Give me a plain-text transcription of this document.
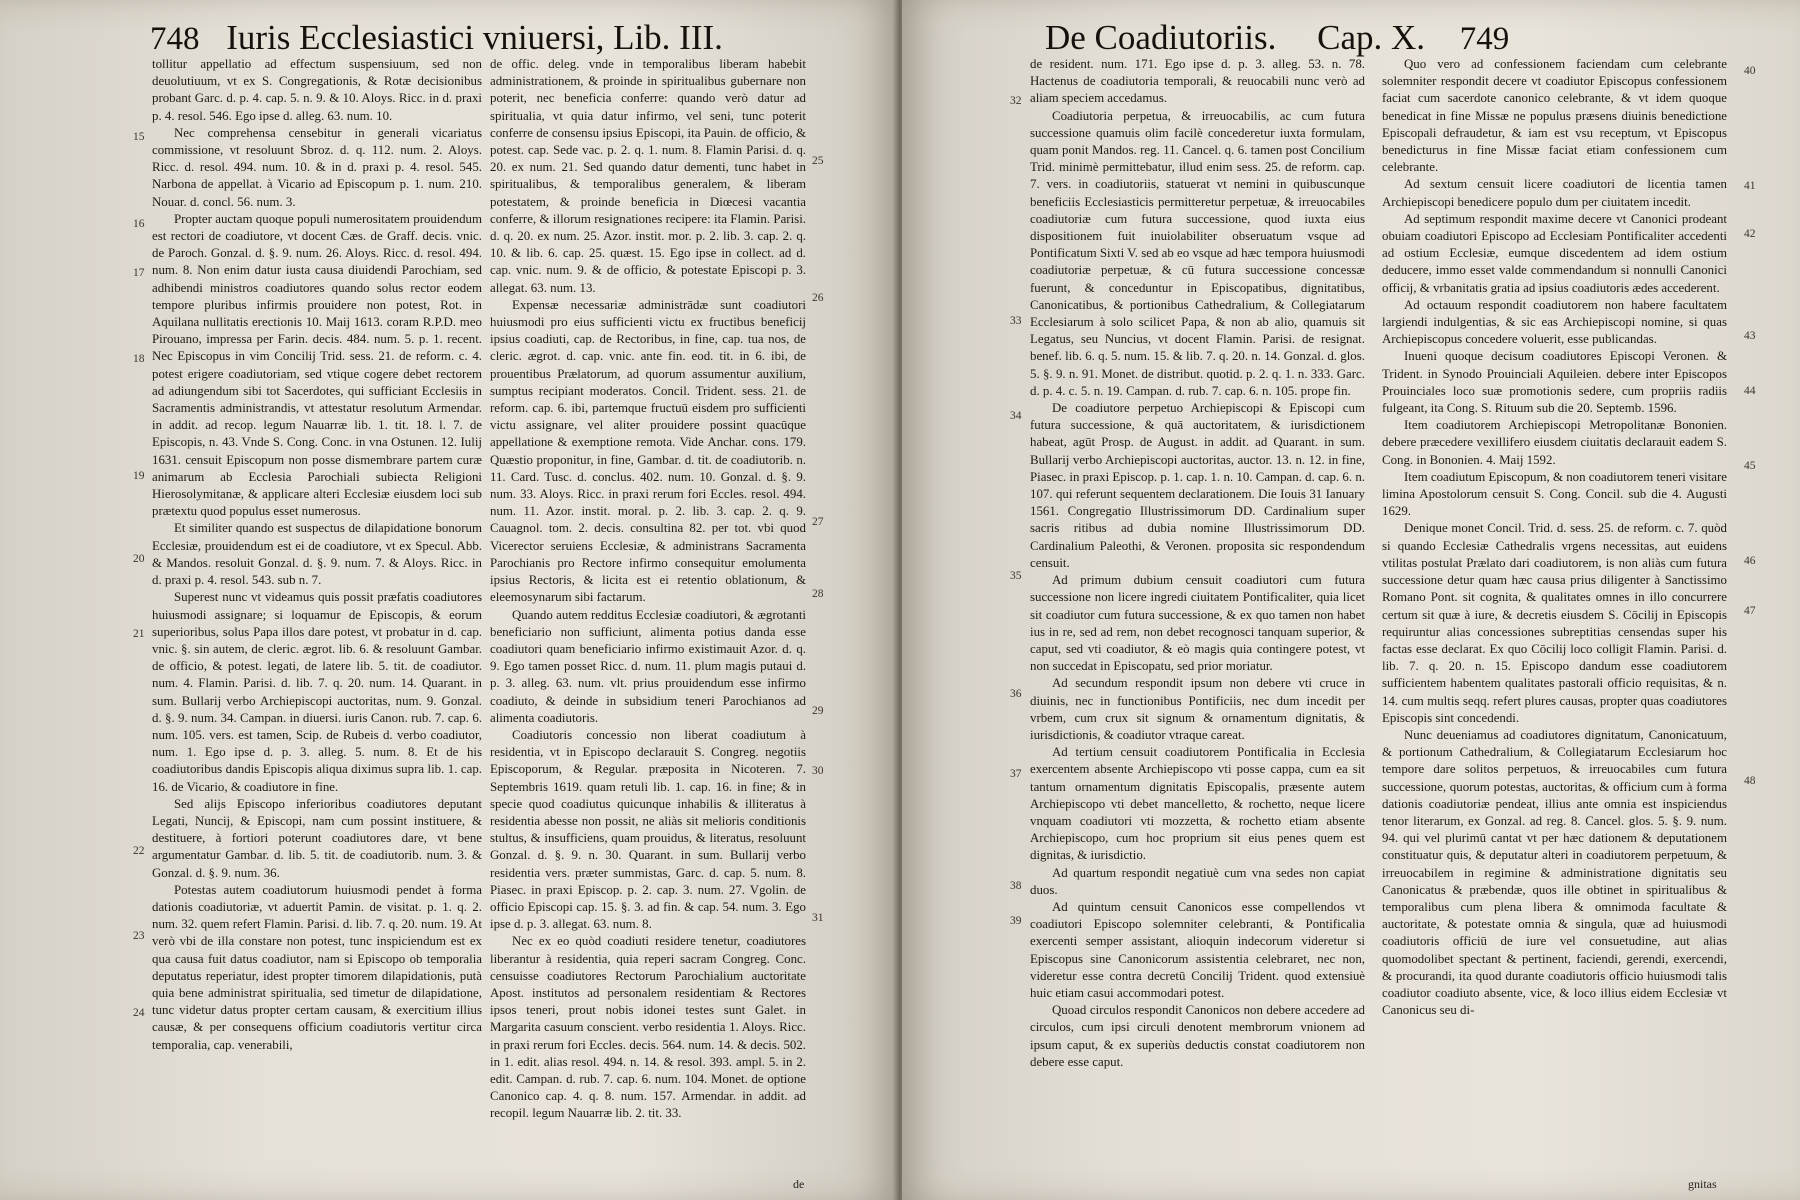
748 Iuris Ecclesiastici vniuersi, Lib. III.

tollitur appellatio ad effectum suspensiuum, sed non deuolutiuum, vt ex S. Congregationis, & Rotæ decisionibus probant Garc. d. p. 4. cap. 5. n. 9. & 10. Aloys. Ricc. in d. praxi p. 4. resol. 546. Ego ipse d. alleg. 63. num. 10.

Nec comprehensa censebitur in generali vicariatus commissione, vt resoluunt Sbroz. d. q. 112. num. 2. Aloys. Ricc. d. resol. 494. num. 10. & in d. praxi p. 4. resol. 545. Narbona de appellat. à Vicario ad Episcopum p. 1. num. 210. Nouar. d. concl. 56. num. 3.

Propter auctam quoque populi numerositatem prouidendum est rectori de coadiutore, vt docent Cæs. de Graff. decis. vnic. de Paroch. Gonzal. d. §. 9. num. 26. Aloys. Ricc. d. resol. 494. num. 8. Non enim datur iusta causa diuidendi Parochiam, sed adhibendi ministros coadiutores quando solus rector eodem tempore pluribus infirmis prouidere non potest, Rot. in Aquilana nullitatis erectionis 10. Maij 1613. coram R.P.D. meo Pirouano, impressa per Farin. decis. 484. num. 5. p. 1. recent. Nec Episcopus in vim Concilij Trid. sess. 21. de reform. c. 4. potest erigere coadiutoriam, sed vtique cogere debet rectorem ad adiungendum sibi tot Sacerdotes, qui sufficiant Ecclesiis in Sacramentis administrandis, vt attestatur resolutum Armendar. in addit. ad recop. legum Nauarræ lib. 1. tit. 18. l. 7. de Episcopis, n. 43. Vnde S. Cong. Conc. in vna Ostunen. 12. Iulij 1631. censuit Episcopum non posse dismembrare partem curæ animarum ab Ecclesia Parochiali subiecta Religioni Hierosolymitanæ, & applicare alteri Ecclesiæ eiusdem loci sub prætextu quod populus esset numerosus.

Et similiter quando est suspectus de dilapidatione bonorum Ecclesiæ, prouidendum est ei de coadiutore, vt ex Specul. Abb. & Mandos. resoluit Gonzal. d. §. 9. num. 7. & Aloys. Ricc. in d. praxi p. 4. resol. 543. sub n. 7.

Superest nunc vt videamus quis possit præfatis coadiutores huiusmodi assignare; si loquamur de Episcopis, & eorum superioribus, solus Papa illos dare potest, vt probatur in d. cap. vnic. §. sin autem, de cleric. ægrot. lib. 6. & resoluunt Gambar. de officio, & potest. legati, de latere lib. 5. tit. de coadiutor. num. 4. Flamin. Parisi. d. lib. 7. q. 20. num. 14. Quarant. in sum. Bullarij verbo Archiepiscopi auctoritas, num. 9. Gonzal. d. §. 9. num. 34. Campan. in diuersi. iuris Canon. rub. 7. cap. 6. num. 105. vers. est tamen, Scip. de Rubeis d. verbo coadiutor, num. 1. Ego ipse d. p. 3. alleg. 5. num. 8. Et de his coadiutoribus dandis Episcopis aliqua diximus supra lib. 1. cap. 16. de Vicario, & coadiutore in fine.

Sed alijs Episcopo inferioribus coadiutores deputant Legati, Nuncij, & Episcopi, nam cum possint instituere, & destituere, à fortiori poterunt coadiutores dare, vt bene argumentatur Gambar. d. lib. 5. tit. de coadiutorib. num. 3. & Gonzal. d. §. 9. num. 36.

Potestas autem coadiutorum huiusmodi pendet à forma dationis coadiutoriæ, vt aduertit Pamin. de visitat. p. 1. q. 2. num. 32. quem refert Flamin. Parisi. d. lib. 7. q. 20. num. 19. At verò vbi de illa constare non potest, tunc inspiciendum est ex qua causa fuit datus coadiutor, nam si Episcopo ob temporalia deputatus reperiatur, idest propter timorem dilapidationis, putà quia bene administrat spiritualia, sed timetur de dilapidatione, tunc videtur datus propter certam causam, & exercitium illius causæ, & per consequens officium coadiutoris vertitur circa temporalia, cap. venerabili,

de offic. deleg. vnde in temporalibus liberam habebit administrationem, & proinde in spiritualibus gubernare non poterit, nec beneficia conferre: quando verò datur ad spiritualia, vt quia datur infirmo, vel seni, tunc poterit conferre de consensu ipsius Episcopi, ita Pauin. de officio, & potest. cap. Sede vac. p. 2. q. 1. num. 8. Flamin Parisi. d. q. 20. ex num. 21. Sed quando datur dementi, tunc habet in spiritualibus, & temporalibus generalem, & liberam potestatem, & proinde beneficia in Diœcesi vacantia conferre, & illorum resignationes recipere: ita Flamin. Parisi. d. q. 20. ex num. 25. Azor. instit. mor. p. 2. lib. 3. cap. 2. q. 10. & lib. 6. cap. 25. quæst. 15. Ego ipse in collect. ad d. cap. vnic. num. 9. & de officio, & potestate Episcopi p. 3. allegat. 63. num. 13.

Expensæ necessariæ administrādæ sunt coadiutori huiusmodi pro eius sufficienti victu ex fructibus beneficij ipsius coadiuti, cap. de Rectoribus, in fine, cap. tua nos, de cleric. ægrot. d. cap. vnic. ante fin. eod. tit. in 6. ibi, de prouentibus Prælatorum, ad quorum assumentur auxilium, sumptus recipiant moderatos. Concil. Trident. sess. 21. de reform. cap. 6. ibi, partemque fructuū eisdem pro sufficienti victu assignare, vel aliter prouidere possint quacūque appellatione & exemptione remota. Vide Anchar. cons. 179. Quæstio proponitur, in fine, Gambar. d. tit. de coadiutorib. n. 11. Card. Tusc. d. conclus. 402. num. 10. Gonzal. d. §. 9. num. 33. Aloys. Ricc. in praxi rerum fori Eccles. resol. 494. num. 11. Azor. instit. moral. p. 2. lib. 3. cap. 2. q. 9. Cauagnol. tom. 2. decis. consultina 82. per tot. vbi quod Vicerector seruiens Ecclesiæ, & administrans Sacramenta Parochianis pro Rectore infirmo consequitur emolumenta ipsius Rectoris, & licita est ei retentio oblationum, & eleemosynarum sibi factarum.

Quando autem redditus Ecclesiæ coadiutori, & ægrotanti beneficiario non sufficiunt, alimenta potius danda esse coadiutori quam beneficiario infirmo existimauit Azor. d. q. 9. Ego tamen posset Ricc. d. num. 11. plum magis putaui d. p. 3. alleg. 63. num. vlt. prius prouidendum esse infirmo coadiuto, & deinde in subsidium teneri Parochianos ad alimenta coadiutoris.

Coadiutoris concessio non liberat coadiutum à residentia, vt in Episcopo declarauit S. Congreg. negotiis Episcoporum, & Regular. præposita in Nicoteren. 7. Septembris 1619. quam retuli lib. 1. cap. 16. in fine; & in specie quod coadiutus quicunque inhabilis & illiteratus à residentia abesse non possit, ne aliàs sit melioris conditionis stultus, & insufficiens, quam prouidus, & literatus, resoluunt Gonzal. d. §. 9. n. 30. Quarant. in sum. Bullarij verbo residentia vers. præter summistas, Garc. d. cap. 5. num. 8. Piasec. in praxi Episcop. p. 2. cap. 3. num. 27. Vgolin. de officio Episcopi cap. 15. §. 3. ad fin. & cap. 54. num. 3. Ego ipse d. p. 3. allegat. 63. num. 8.

Nec ex eo quòd coadiuti residere tenetur, coadiutores liberantur à residentia, quia reperi sacram Congreg. Conc. censuisse coadiutores Rectorum Parochialium auctoritate Apost. institutos ad personalem residentiam & Rectores ipsos teneri, prout nobis idonei testes sunt Galet. in Margarita casuum conscient. verbo residentia 1. Aloys. Ricc. in praxi rerum fori Eccles. decis. 564. num. 14. & decis. 502. in 1. edit. alias resol. 494. n. 14. & resol. 393. ampl. 5. in 2. edit. Campan. d. rub. 7. cap. 6. num. 104. Monet. de optione Canonico cap. 4. q. 8. num. 157. Armendar. in addit. ad recopil. legum Nauarræ lib. 2. tit. 33.

de
15
16
17
18
19
20
21
22
23
24
25
26
27
28
29
30
31
De Coadiutoriis. Cap. X. 749

de resident. num. 171. Ego ipse d. p. 3. alleg. 53. n. 78. Hactenus de coadiutoria temporali, & reuocabili nunc verò ad aliam speciem accedamus.

Coadiutoria perpetua, & irreuocabilis, ac cum futura successione quamuis olim facilè concederetur iuxta formulam, quam ponit Mandos. reg. 11. Cancel. q. 6. tamen post Concilium Trid. minimè permittebatur, illud enim sess. 25. de reform. cap. 7. vers. in coadiutoriis, statuerat vt nemini in quibuscunque beneficiis Ecclesiasticis permitteretur perpetuæ, & irreuocabiles coadiutoriæ cum futura successione, quod iuxta eius dispositionem fuit inuiolabiliter obseruatum vsque ad Pontificatum Sixti V. sed ab eo vsque ad hæc tempora huiusmodi coadiutoriæ perpetuæ, & cū futura successione concessæ fuerunt, & conceduntur in Episcopatibus, dignitatibus, Canonicatibus, & portionibus Cathedralium, & Collegiatarum Ecclesiarum à solo scilicet Papa, & non ab alio, quamuis sit Legatus, seu Nuncius, vt docent Flamin. Parisi. de resignat. benef. lib. 6. q. 5. num. 15. & lib. 7. q. 20. n. 14. Gonzal. d. glos. 5. §. 9. n. 91. Monet. de distribut. quotid. p. 2. q. 1. n. 333. Garc. d. p. 4. c. 5. n. 19. Campan. d. rub. 7. cap. 6. n. 105. prope fin.

De coadiutore perpetuo Archiepiscopi & Episcopi cum futura successione, & quā auctoritatem, & iurisdictionem habeat, agūt Prosp. de August. in addit. ad Quarant. in sum. Bullarij verbo Archiepiscopi auctoritas, auctor. 13. n. 12. in fine, Piasec. in praxi Episcop. p. 1. cap. 1. n. 10. Campan. d. cap. 6. n. 107. qui referunt sequentem declarationem. Die Iouis 31 Ianuary 1561. Congregatio Illustrissimorum DD. Cardinalium super sacris ritibus ad dubia nomine Illustrissimorum DD. Cardinalium Paleothi, & Veronen. proposita sic respondendum censuit.

Ad primum dubium censuit coadiutori cum futura successione non licere ingredi ciuitatem Pontificaliter, quia licet sit coadiutor cum futura successione, & ex quo tamen non habet ius in re, sed ad rem, non debet recognosci tanquam superior, & caput, sed vti coadiutor, & eò magis quia contingere potest, vt non succedat in Episcopatu, sed prior moriatur.

Ad secundum respondit ipsum non debere vti cruce in diuinis, nec in functionibus Pontificiis, nec dum incedit per vrbem, cum crux sit signum & ornamentum dignitatis, & iurisdictionis, & coadiutor vtraque careat.

Ad tertium censuit coadiutorem Pontificalia in Ecclesia exercentem absente Archiepiscopo vti posse cappa, cum ea sit tantum ornamentum dignitatis Episcopalis, præsente autem Archiepiscopo vti debet mancelletto, & rochetto, neque licere vnquam coadiutori vti mozzetta, & rochetto etiam absente Archiepiscopo, cum hoc proprium sit eius penes quem est dignitas, & iurisdictio.

Ad quartum respondit negatiuè cum vna sedes non capiat duos.

Ad quintum censuit Canonicos esse compellendos vt coadiutori Episcopo solemniter celebranti, & Pontificalia exercenti semper assistant, alioquin indecorum videretur si Episcopus sine Canonicorum assistentia celebraret, nec non, videretur esse contra decretū Concilij Trident. quod extensiuè huic etiam casui accommodari potest.

Quoad circulos respondit Canonicos non debere accedere ad circulos, cum ipsi circuli denotent membrorum vnionem ad ipsum caput, & ex superiùs deductis constat coadiutorem non debere esse caput.

Quo vero ad confessionem faciendam cum celebrante solemniter respondit decere vt coadiutor Episcopus confessionem faciat cum sacerdote canonico celebrante, & vt idem quoque benedicat in fine Missæ ne populus præsens diuinis benedictione Episcopali defraudetur, & iam est vsu receptum, vt Episcopus benedicturus in fine Missæ faciat etiam confessionem cum celebrante.

Ad sextum censuit licere coadiutori de licentia tamen Archiepiscopi benedicere populo dum per ciuitatem incedit.

Ad septimum respondit maxime decere vt Canonici prodeant obuiam coadiutori Episcopo ad Ecclesiam Pontificaliter accedenti ad ostium Ecclesiæ, eumque discedentem ad idem ostium deducere, immo esset valde commendandum si nonnulli Canonici officij, & vrbanitatis gratia ad ipsius coadiutoris ædes accederent.

Ad octauum respondit coadiutorem non habere facultatem largiendi indulgentias, & sic eas Archiepiscopi nomine, si quas Archiepiscopus concedere voluerit, esse publicandas.

Inueni quoque decisum coadiutores Episcopi Veronen. & Trident. in Synodo Prouinciali Aquileien. debere inter Episcopos Prouinciales loco suæ promotionis sedere, cum propriis radiis fulgeant, ita Cong. S. Rituum sub die 20. Septemb. 1596.

Item coadiutorem Archiepiscopi Metropolitanæ Bononien. debere præcedere vexillifero eiusdem ciuitatis declarauit eadem S. Cong. in Bononien. 4. Maij 1592.

Item coadiutum Episcopum, & non coadiutorem teneri visitare limina Apostolorum censuit S. Cong. Concil. sub die 4. Augusti 1629.

Denique monet Concil. Trid. d. sess. 25. de reform. c. 7. quòd si quando Ecclesiæ Cathedralis vrgens necessitas, aut euidens vtilitas postulat Prælato dari coadiutorem, is non aliàs cum futura successione detur quam hæc causa prius diligenter à Sanctissimo Romano Pont. sit cognita, & qualitates omnes in illo concurrere certum sit quæ à iure, & decretis eiusdem S. Cōcilij in Episcopis requiruntur alias concessiones subreptitias censendas super his factas esse declarat. Ex quo Cōcilij loco colligit Flamin. Parisi. d. lib. 7. q. 20. n. 15. Episcopo dandum esse coadiutorem sufficientem habentem qualitates pastorali officio requisitas, & n. 14. cum multis seqq. refert plures causas, propter quas coadiutores Episcopis sint concedendi.

Nunc deueniamus ad coadiutores dignitatum, Canonicatuum, & portionum Cathedralium, & Collegiatarum Ecclesiarum hoc tempore dare solitos perpetuos, & irreuocabiles cum futura successione, quorum potestas, auctoritas, & officium cum à forma dationis coadiutoriæ pendeat, illius ante omnia est inspiciendus tenor literarum, ex Gonzal. ad reg. 8. Cancel. glos. 5. §. 9. num. 94. qui vel plurimū cantat vt per hæc dationem & deputationem constituatur quis, & deputatur alteri in coadiutorem perpetuum, & irreuocabilem in regimine & administratione dignitatis seu Canonicatus & præbendæ, quos ille obtinet in spiritualibus & temporalibus cum plena libera & omnimoda facultate & auctoritate, & potestate omnia & singula, quæ ad huiusmodi coadiutoris officiū de iure vel consuetudine, aut alias quomodolibet spectant & pertinent, faciendi, gerendi, exercendi, & procurandi, ita quod durante coadiutoris officio huiusmodi talis coadiutor coadiuto absente, vice, & loco illius eidem Ecclesiæ vt Canonicus seu di-

gnitas
32
33
34
35
36
37
38
39
40
41
42
43
44
45
46
47
48
